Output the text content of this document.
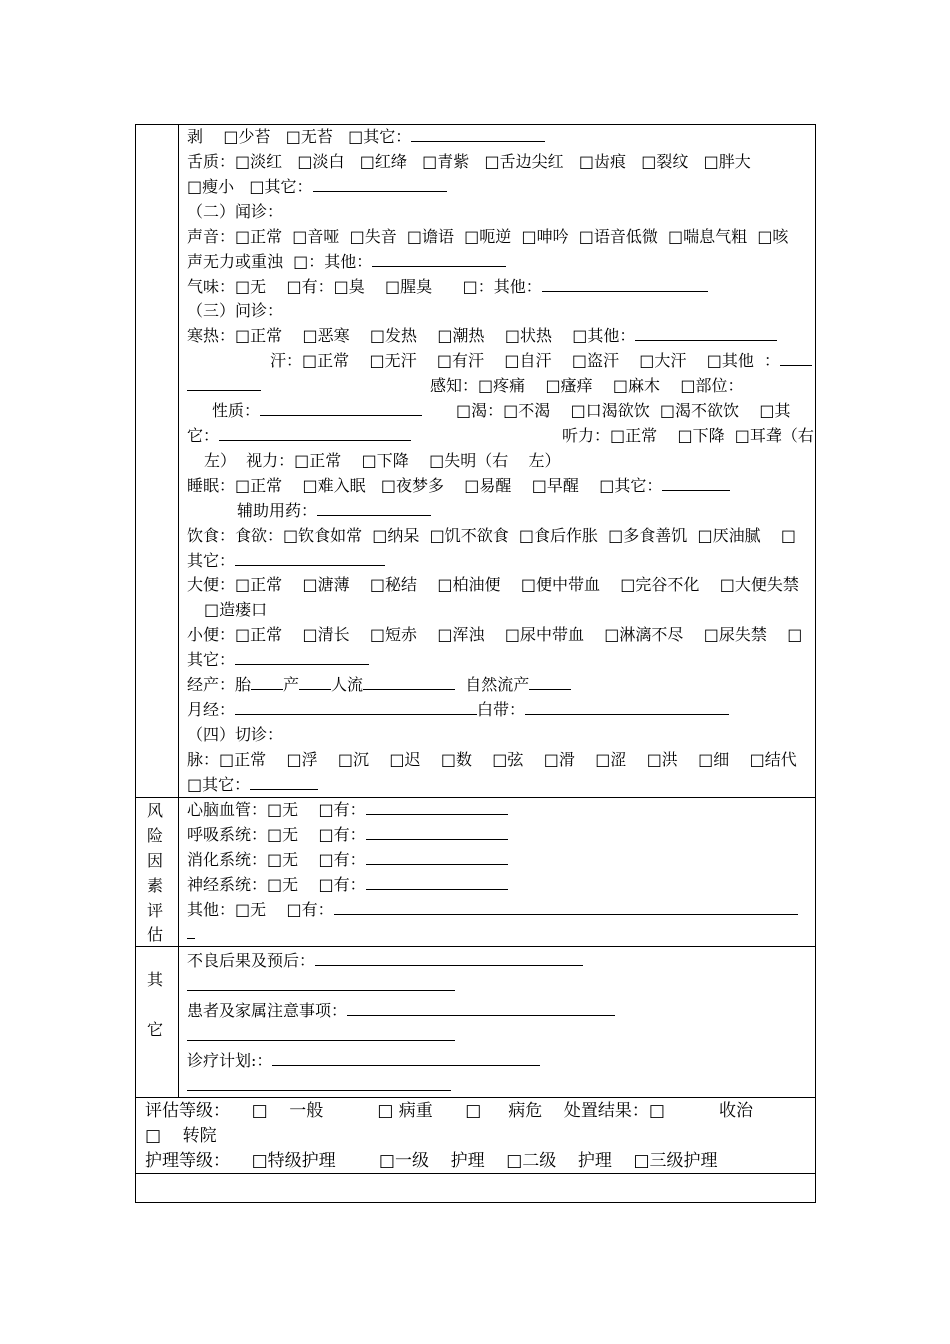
剥    □少苔   □无苔   □其它：
舌质：□淡红   □淡白   □红绛   □青紫   □舌边尖红   □齿痕   □裂纹   □胖大
□瘦小   □其它：
（二）闻诊：
声音：□正常  □音哑  □失音  □谵语  □呃逆  □呻吟  □语音低微  □喘息气粗  □咳
声无力或重浊  □：其他：
气味：□无    □有：□臭    □腥臭      □：其他：
（三）问诊：
寒热：□正常    □恶寒    □发热    □潮热    □状热    □其他：
汗：□正常    □无汗    □有汗    □自汗    □盗汗    □大汗    □其他  ：
感知：□疼痛    □瘙痒    □麻木    □部位：
性质：	□渴：□不渴    □口渴欲饮  □渴不欲饮    □其
它：	听力：□正常    □下降  □耳聋（右
左）  视力：□正常    □下降    □失明（右    左）
睡眠：□正常    □难入眠   □夜梦多    □易醒    □早醒    □其它：
辅助用药：
饮食：食欲：□钦食如常  □纳呆  □饥不欲食  □食后作胀  □多食善饥  □厌油腻    □
其它：
大便：□正常    □溏薄    □秘结    □柏油便    □便中带血    □完谷不化    □大便失禁
□造瘘口
小便：□正常    □清长    □短赤    □浑浊    □尿中带血    □淋漓不尽    □尿失禁    □
其它：
经产：胎 产 人流	自然流产
月经：	白带：
（四）切诊：
脉：□正常    □浮    □沉    □迟    □数    □弦    □滑    □涩    □洪    □细    □结代
□其它：
风
险
因
素
评
估
心脑血管：□无    □有：
呼吸系统：□无    □有：
消化系统：□无    □有：
神经系统：□无    □有：
其他：□无    □有：
其
它
不良后果及预后：
患者及家属注意事项：
诊疗计划:：
评估等级：    □    一般          □ 病重      □     病危    处置结果：□          收治
□    转院
护理等级：    □特级护理        □一级    护理    □二级    护理    □三级护理
